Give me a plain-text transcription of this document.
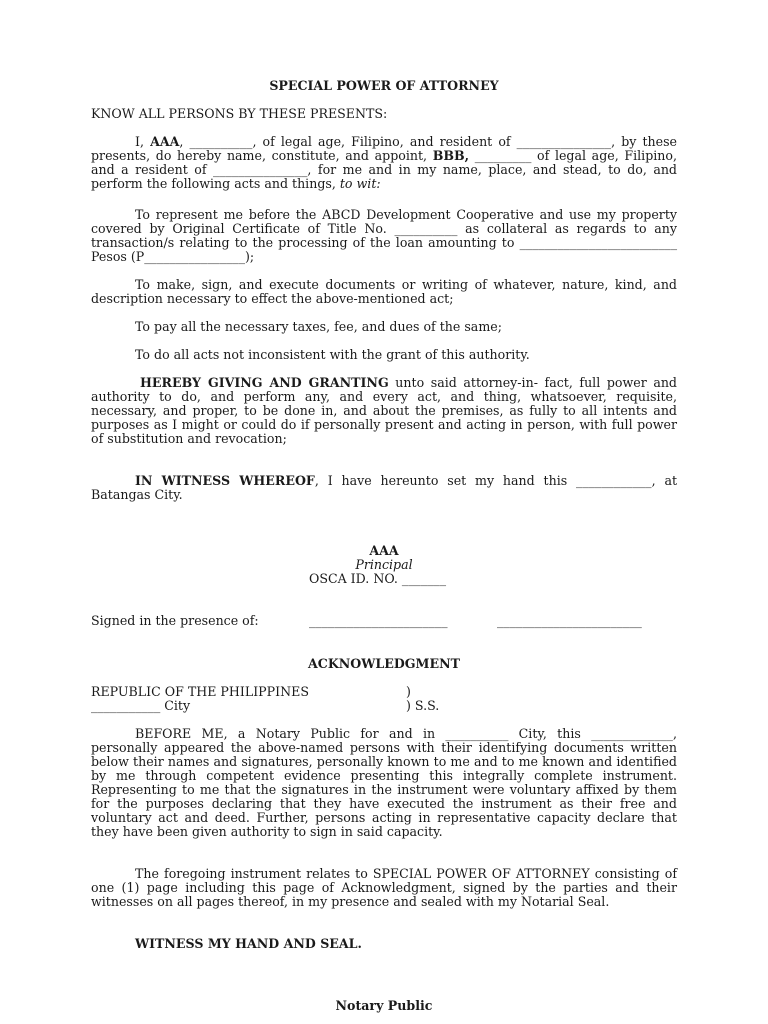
SPECIAL POWER OF ATTORNEY

KNOW ALL PERSONS BY THESE PRESENTS:

I, AAA, __________, of legal age, Filipino, and resident of _______________, by these presents, do hereby name, constitute, and appoint, BBB, _________ of legal age, Filipino, and a resident of _______________, for me and in my name, place, and stead, to do, and perform the following acts and things, to wit:

To represent me before the ABCD Development Cooperative and use my property covered by Original Certificate of Title No. __________ as collateral as regards to any transaction/s relating to the processing of the loan amounting to _________________________ Pesos (P________________);

To make, sign, and execute documents or writing of whatever, nature, kind, and description necessary to effect the above-mentioned act;

To pay all the necessary taxes, fee, and dues of the same;

To do all acts not inconsistent with the grant of this authority.

HEREBY GIVING AND GRANTING unto said attorney-in- fact, full power and authority to do, and perform any, and every act, and thing, whatsoever, requisite, necessary, and proper, to be done in, and about the premises, as fully to all intents and purposes as I might or could do if personally present and acting in person, with full power of substitution and revocation;

IN WITNESS WHEREOF, I have hereunto set my hand this ____________, at Batangas City.

AAA

Principal

OSCA ID. NO. _______

Signed in the presence of:	______________________	_______________________

ACKNOWLEDGMENT

REPUBLIC OF THE PHILIPPINES	)

___________ City	) S.S.

BEFORE ME, a Notary Public for and in __________ City, this _____________, personally appeared the above-named persons with their identifying documents written below their names and signatures, personally known to me and to me known and identified by me through competent evidence presenting this integrally complete instrument. Representing to me that the signatures in the instrument were voluntary affixed by them for the purposes declaring that they have executed the instrument as their free and voluntary act and deed. Further, persons acting in representative capacity declare that they have been given authority to sign in said capacity.

The foregoing instrument relates to SPECIAL POWER OF ATTORNEY consisting of one (1) page including this page of Acknowledgment, signed by the parties and their witnesses on all pages thereof, in my presence and sealed with my Notarial Seal.

WITNESS MY HAND AND SEAL.

Notary Public
